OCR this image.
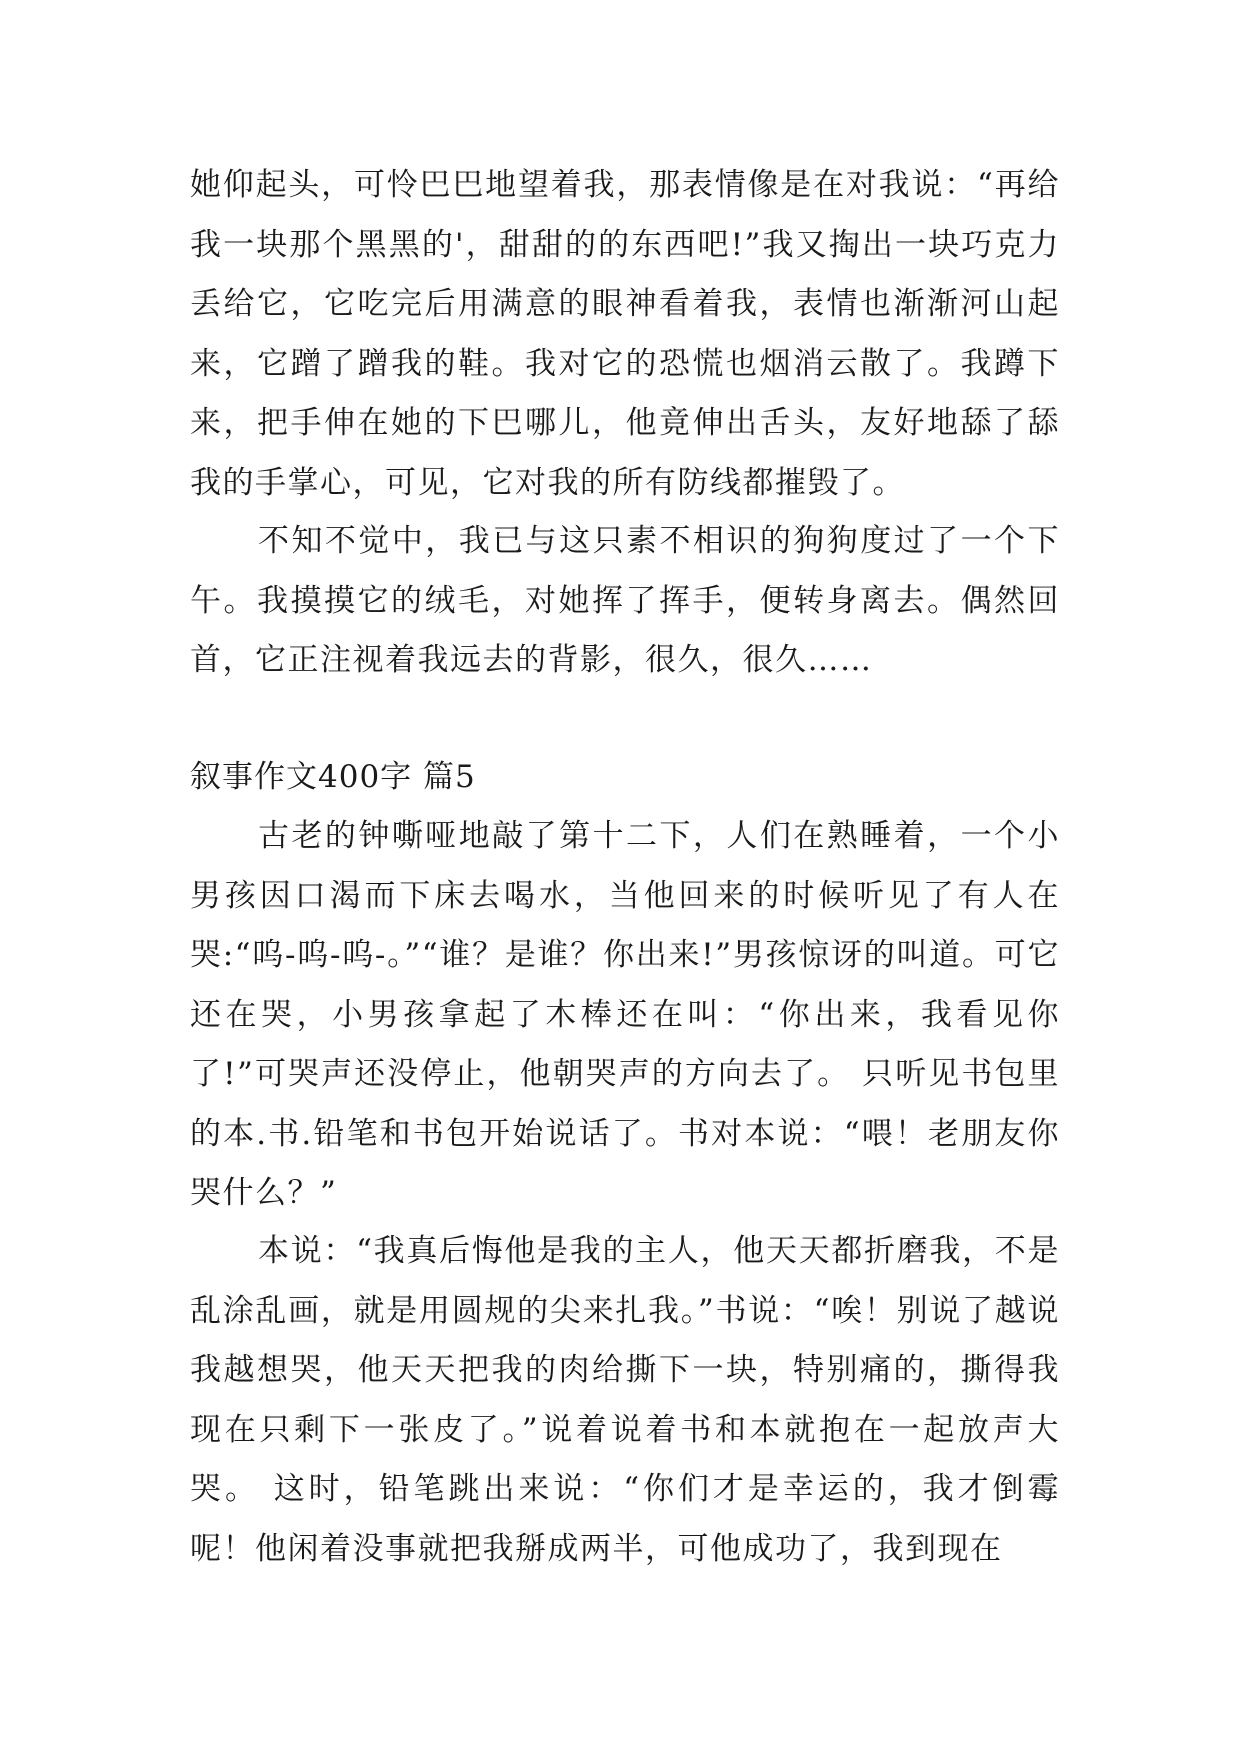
她仰起头，可怜巴巴地望着我，那表情像是在对我说：“再给我一块那个黑黑的'，甜甜的的东西吧!”我又掏出一块巧克力丢给它，它吃完后用满意的眼神看着我，表情也渐渐河山起来，它蹭了蹭我的鞋。我对它的恐慌也烟消云散了。我蹲下来，把手伸在她的下巴哪儿，他竟伸出舌头，友好地舔了舔我的手掌心，可见，它对我的所有防线都摧毁了。

不知不觉中，我已与这只素不相识的狗狗度过了一个下午。我摸摸它的绒毛，对她挥了挥手，便转身离去。偶然回首，它正注视着我远去的背影，很久，很久……

叙事作文400字 篇5

古老的钟嘶哑地敲了第十二下，人们在熟睡着，一个小男孩因口渴而下床去喝水，当他回来的时候听见了有人在哭:“呜-呜-呜-。”“谁？是谁？你出来!”男孩惊讶的叫道。可它还在哭，小男孩拿起了木棒还在叫：“你出来，我看见你了!”可哭声还没停止，他朝哭声的方向去了。 只听见书包里的本.书.铅笔和书包开始说话了。书对本说：“喂！老朋友你哭什么？”

本说：“我真后悔他是我的主人，他天天都折磨我，不是乱涂乱画，就是用圆规的尖来扎我。”书说：“唉！别说了越说我越想哭，他天天把我的肉给撕下一块，特别痛的，撕得我现在只剩下一张皮了。”说着说着书和本就抱在一起放声大哭。 这时，铅笔跳出来说：“你们才是幸运的，我才倒霉呢！他闲着没事就把我掰成两半，可他成功了，我到现在
